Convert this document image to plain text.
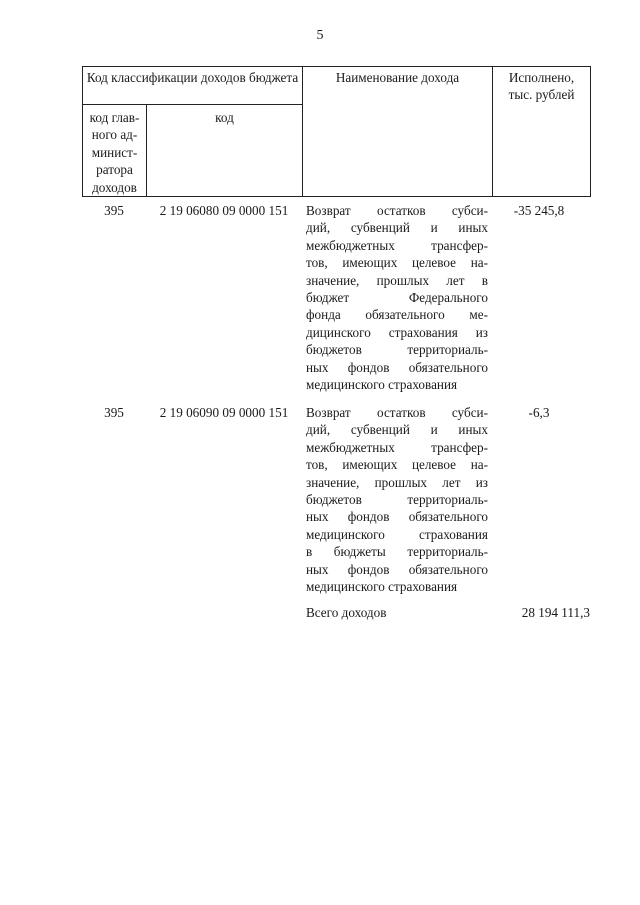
5
Код классификации доходов бюджета		Наименование дохода	Исполнено,
тыс. рублей

код глав-
ного ад-
минист-
ратора
доходов	код		
395	2 19 06080 09 0000 151	Возврат остатков субси-
дий, субвенций и иных
межбюджетных трансфер-
тов, имеющих целевое на-
значение, прошлых лет в
бюджет Федерального
фонда обязательного ме-
дицинского страхования из
бюджетов территориаль-
ных фондов обязательного
медицинского страхования
-35 245,8
395	2 19 06090 09 0000 151	Возврат остатков субси-
дий, субвенций и иных
межбюджетных трансфер-
тов, имеющих целевое на-
значение, прошлых лет из
бюджетов территориаль-
ных фондов обязательного
медицинского страхования
в бюджеты территориаль-
ных фондов обязательного
медицинского страхования
-6,3
Всего доходов	28 194 111,3
